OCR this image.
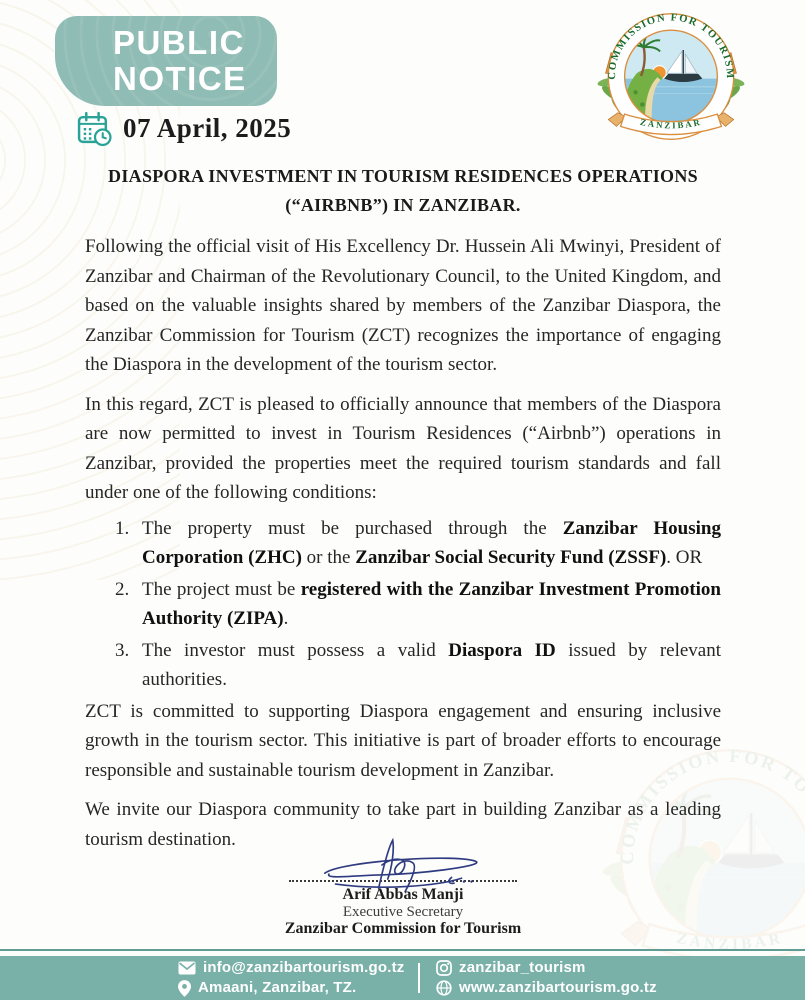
PUBLIC
NOTICE
07 April, 2025
DIASPORA INVESTMENT IN TOURISM RESIDENCES OPERATIONS
(“AIRBNB”) IN ZANZIBAR.

Following the official visit of His Excellency Dr. Hussein Ali Mwinyi, President of Zanzibar and Chairman of the Revolutionary Council, to the United Kingdom, and based on the valuable insights shared by members of the Zanzibar Diaspora, the Zanzibar Commission for Tourism (ZCT) recognizes the importance of engaging the Diaspora in the development of the tourism sector.

In this regard, ZCT is pleased to officially announce that members of the Diaspora are now permitted to invest in Tourism Residences (“Airbnb”) operations in Zanzibar, provided the properties meet the required tourism standards and fall under one of the following conditions:

1. The property must be purchased through the Zanzibar Housing Corporation (ZHC) or the Zanzibar Social Security Fund (ZSSF). OR
2. The project must be registered with the Zanzibar Investment Promotion Authority (ZIPA).
3. The investor must possess a valid Diaspora ID issued by relevant authorities.

ZCT is committed to supporting Diaspora engagement and ensuring inclusive growth in the tourism sector. This initiative is part of broader efforts to encourage responsible and sustainable tourism development in Zanzibar.

We invite our Diaspora community to take part in building Zanzibar as a leading tourism destination.

Arif Abbas Manji
Executive Secretary
Zanzibar Commission for Tourism
info@zanzibartourism.go.tz
Amaani, Zanzibar, TZ.
zanzibar_tourism
www.zanzibartourism.go.tz
